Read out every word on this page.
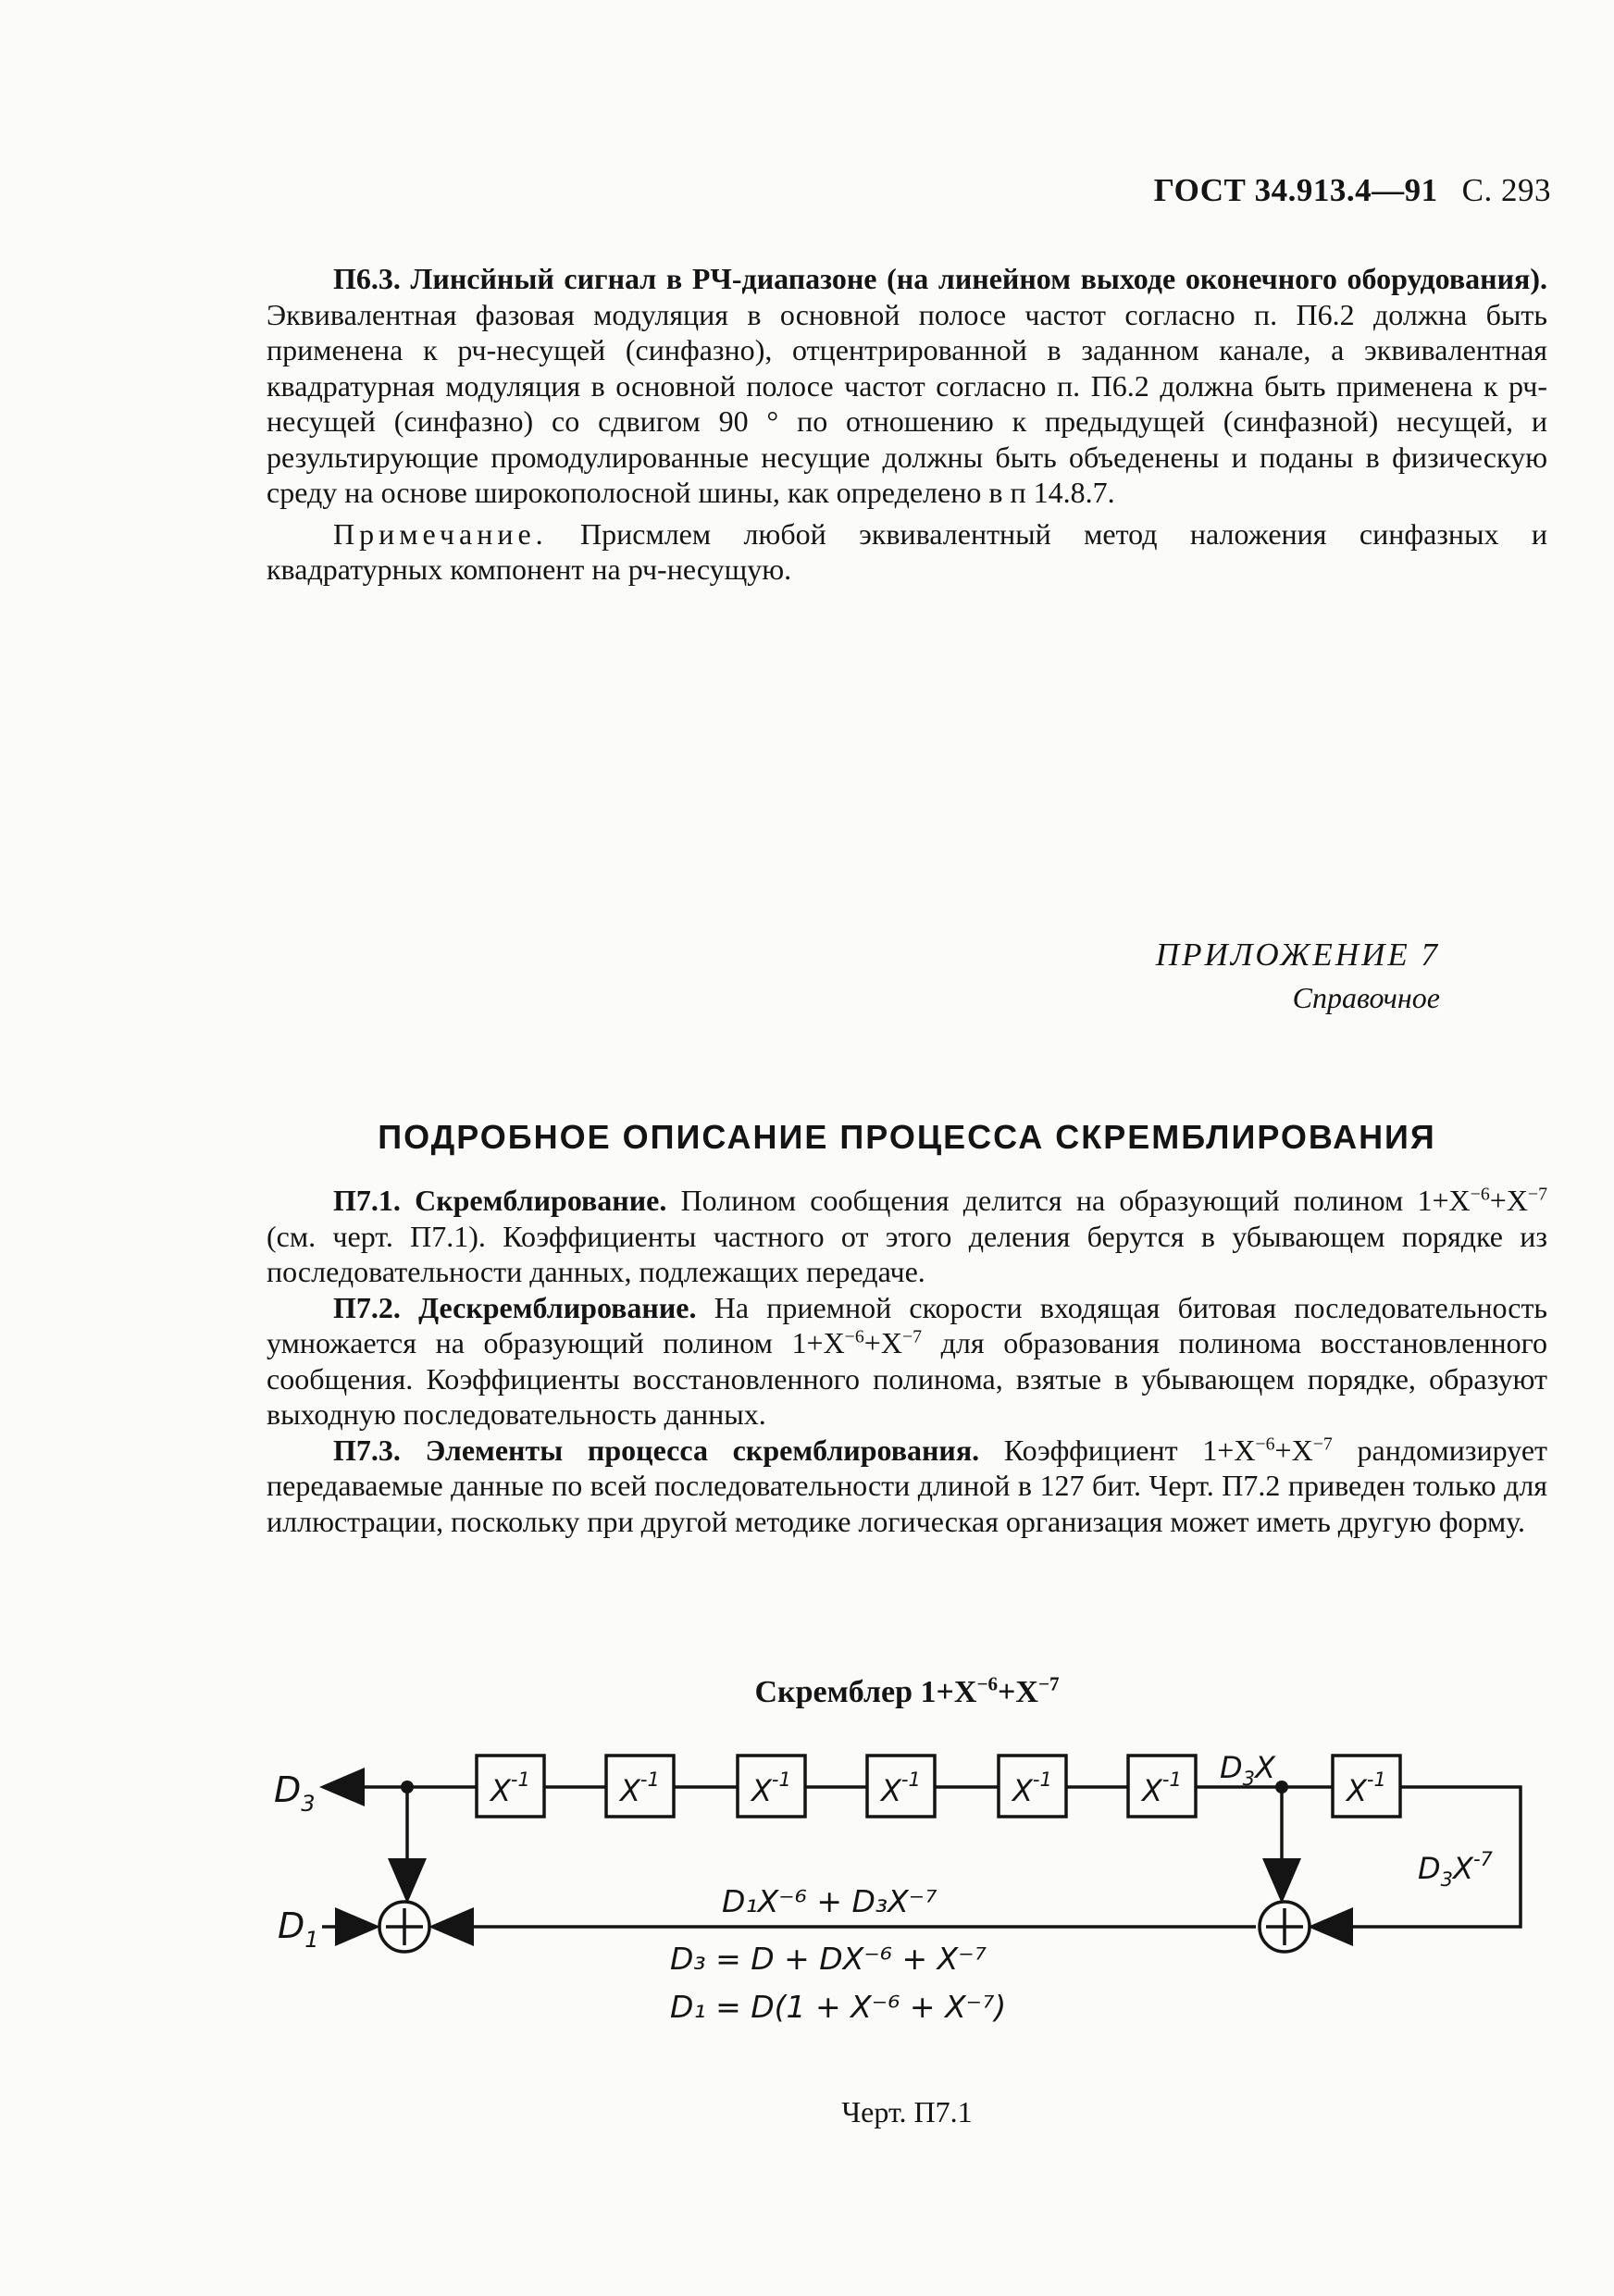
ГОСТ 34.913.4—91 С. 293

П6.3. Линсйный сигнал в РЧ-диапазоне (на линейном выходе оконечного оборудования). Эквивалентная фазовая модуляция в основной полосе частот согласно п. П6.2 должна быть применена к рч-несущей (синфазно), отцентрированной в заданном канале, а эквивалентная квадратурная модуляция в основной полосе частот согласно п. П6.2 должна быть применена к рч-несущей (синфазно) со сдвигом 90 ° по отношению к предыдущей (синфазной) несущей, и результирующие промодулированные несущие должны быть объеденены и поданы в физическую среду на основе широкополосной шины, как определено в п 14.8.7.

Примечание. Присмлем любой эквивалентный метод наложения синфазных и квадратурных компонент на рч-несущую.

ПРИЛОЖЕНИЕ 7
Справочное
ПОДРОБНОЕ ОПИСАНИЕ ПРОЦЕССА СКРЕМБЛИРОВАНИЯ

П7.1. Скремблирование. Полином сообщения делится на образующий полином $1+X^{-6}+X^{-7}$ (см. черт. П7.1). Коэффициенты частного от этого деления берутся в убывающем порядке из последовательности данных, подлежащих передаче.

П7.2. Дескремблирование. На приемной скорости входящая битовая последовательность умножается на образующий полином $1+X^{-6}+X^{-7}$ для образования полинома восстановленного сообщения. Коэффициенты восстановленного полинома, взятые в убывающем порядке, образуют выходную последовательность данных.

П7.3. Элементы процесса скремблирования. Коэффициент $1+X^{-6}+X^{-7}$ рандомизирует передаваемые данные по всей последовательности длиной в 127 бит. Черт. П7.2 приведен только для иллюстрации, поскольку при другой методике логическая организация может иметь другую форму.

Скремблер $1+X^{-6}+X^{-7}$
$X^{-1}$	$X^{-1}$	$X^{-1}$	$X^{-1}$	$X^{-1}$	$X^{-1}$	$X^{-1}$
$D_3$
$D_1$
$D_3X$
$D_3X^{-7}$
D₁X⁻⁶ + D₃X⁻⁷
D₃ = D + DX⁻⁶ + X⁻⁷
D₁ = D(1 + X⁻⁶ + X⁻⁷)
Черт. П7.1
